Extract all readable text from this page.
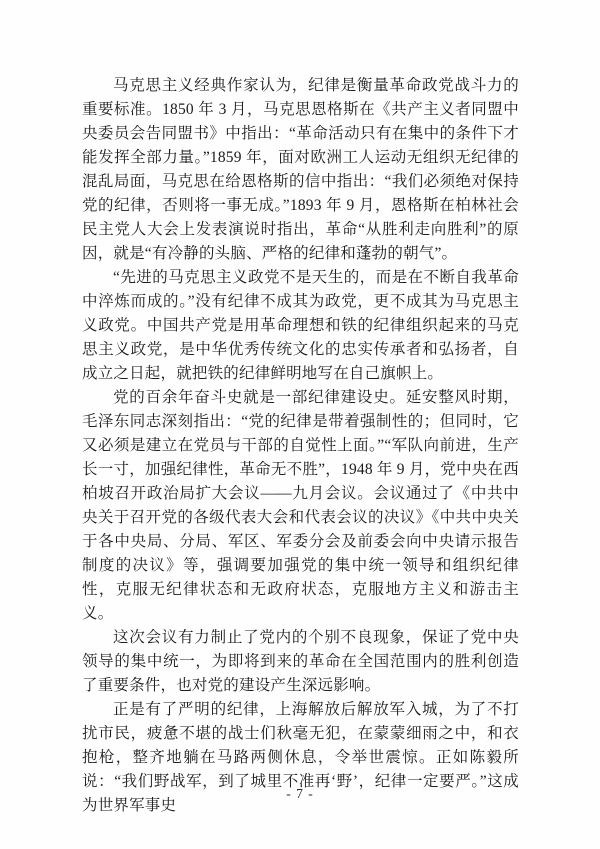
马克思主义经典作家认为，纪律是衡量革命政党战斗力的重要标准。1850 年 3 月，马克思恩格斯在《共产主义者同盟中央委员会告同盟书》中指出：“革命活动只有在集中的条件下才能发挥全部力量。”1859 年，面对欧洲工人运动无组织无纪律的混乱局面，马克思在给恩格斯的信中指出：“我们必须绝对保持党的纪律，否则将一事无成。”1893 年 9 月，恩格斯在柏林社会民主党人大会上发表演说时指出，革命“从胜利走向胜利”的原因，就是“有冷静的头脑、严格的纪律和蓬勃的朝气”。

“先进的马克思主义政党不是天生的，而是在不断自我革命中淬炼而成的。”没有纪律不成其为政党，更不成其为马克思主义政党。中国共产党是用革命理想和铁的纪律组织起来的马克思主义政党，是中华优秀传统文化的忠实传承者和弘扬者，自成立之日起，就把铁的纪律鲜明地写在自己旗帜上。

党的百余年奋斗史就是一部纪律建设史。延安整风时期，毛泽东同志深刻指出：“党的纪律是带着强制性的；但同时，它又必须是建立在党员与干部的自觉性上面。”“军队向前进，生产长一寸，加强纪律性，革命无不胜”，1948 年 9 月，党中央在西柏坡召开政治局扩大会议——九月会议。会议通过了《中共中央关于召开党的各级代表大会和代表会议的决议》《中共中央关于各中央局、分局、军区、军委分会及前委会向中央请示报告制度的决议》等，强调要加强党的集中统一领导和组织纪律性，克服无纪律状态和无政府状态，克服地方主义和游击主义。

这次会议有力制止了党内的个别不良现象，保证了党中央领导的集中统一，为即将到来的革命在全国范围内的胜利创造了重要条件，也对党的建设产生深远影响。

正是有了严明的纪律，上海解放后解放军入城，为了不打扰市民，疲惫不堪的战士们秋毫无犯，在蒙蒙细雨之中，和衣抱枪，整齐地躺在马路两侧休息，令举世震惊。正如陈毅所说：“我们野战军，到了城里不准再‘野’，纪律一定要严。”这成为世界军事史

- 7 -
